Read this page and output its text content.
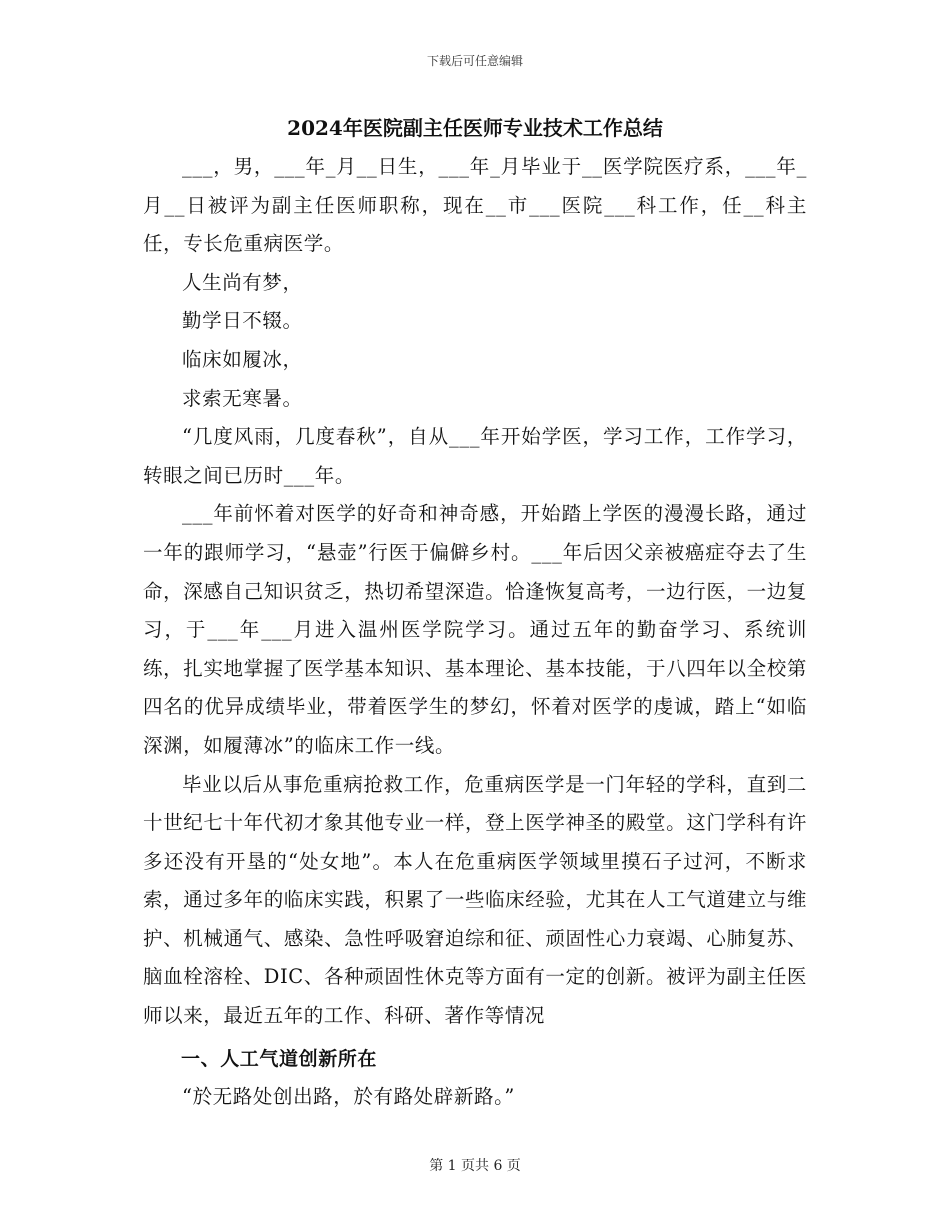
下载后可任意编辑
2024年医院副主任医师专业技术工作总结

___，男，___年_月__日生，___年_月毕业于__医学院医疗系，___年_月__日被评为副主任医师职称，现在__市___医院___科工作，任__科主任，专长危重病医学。

人生尚有梦，

勤学日不辍。

临床如履冰，

求索无寒暑。

“几度风雨，几度春秋”，自从___年开始学医，学习工作，工作学习，转眼之间已历时___年。

___年前怀着对医学的好奇和神奇感，开始踏上学医的漫漫长路，通过一年的跟师学习，“悬壶”行医于偏僻乡村。___年后因父亲被癌症夺去了生命，深感自己知识贫乏，热切希望深造。恰逢恢复高考，一边行医，一边复习，于___年___月进入温州医学院学习。通过五年的勤奋学习、系统训练，扎实地掌握了医学基本知识、基本理论、基本技能，于八四年以全校第四名的优异成绩毕业，带着医学生的梦幻，怀着对医学的虔诚，踏上“如临深渊，如履薄冰”的临床工作一线。

毕业以后从事危重病抢救工作，危重病医学是一门年轻的学科，直到二十世纪七十年代初才象其他专业一样，登上医学神圣的殿堂。这门学科有许多还没有开垦的“处女地”。本人在危重病医学领域里摸石子过河，不断求索，通过多年的临床实践，积累了一些临床经验，尤其在人工气道建立与维护、机械通气、感染、急性呼吸窘迫综和征、顽固性心力衰竭、心肺复苏、脑血栓溶栓、DIC、各种顽固性休克等方面有一定的创新。被评为副主任医师以来，最近五年的工作、科研、著作等情况

一、人工气道创新所在

“於无路处创出路，於有路处辟新路。”

第 1 页共 6 页
